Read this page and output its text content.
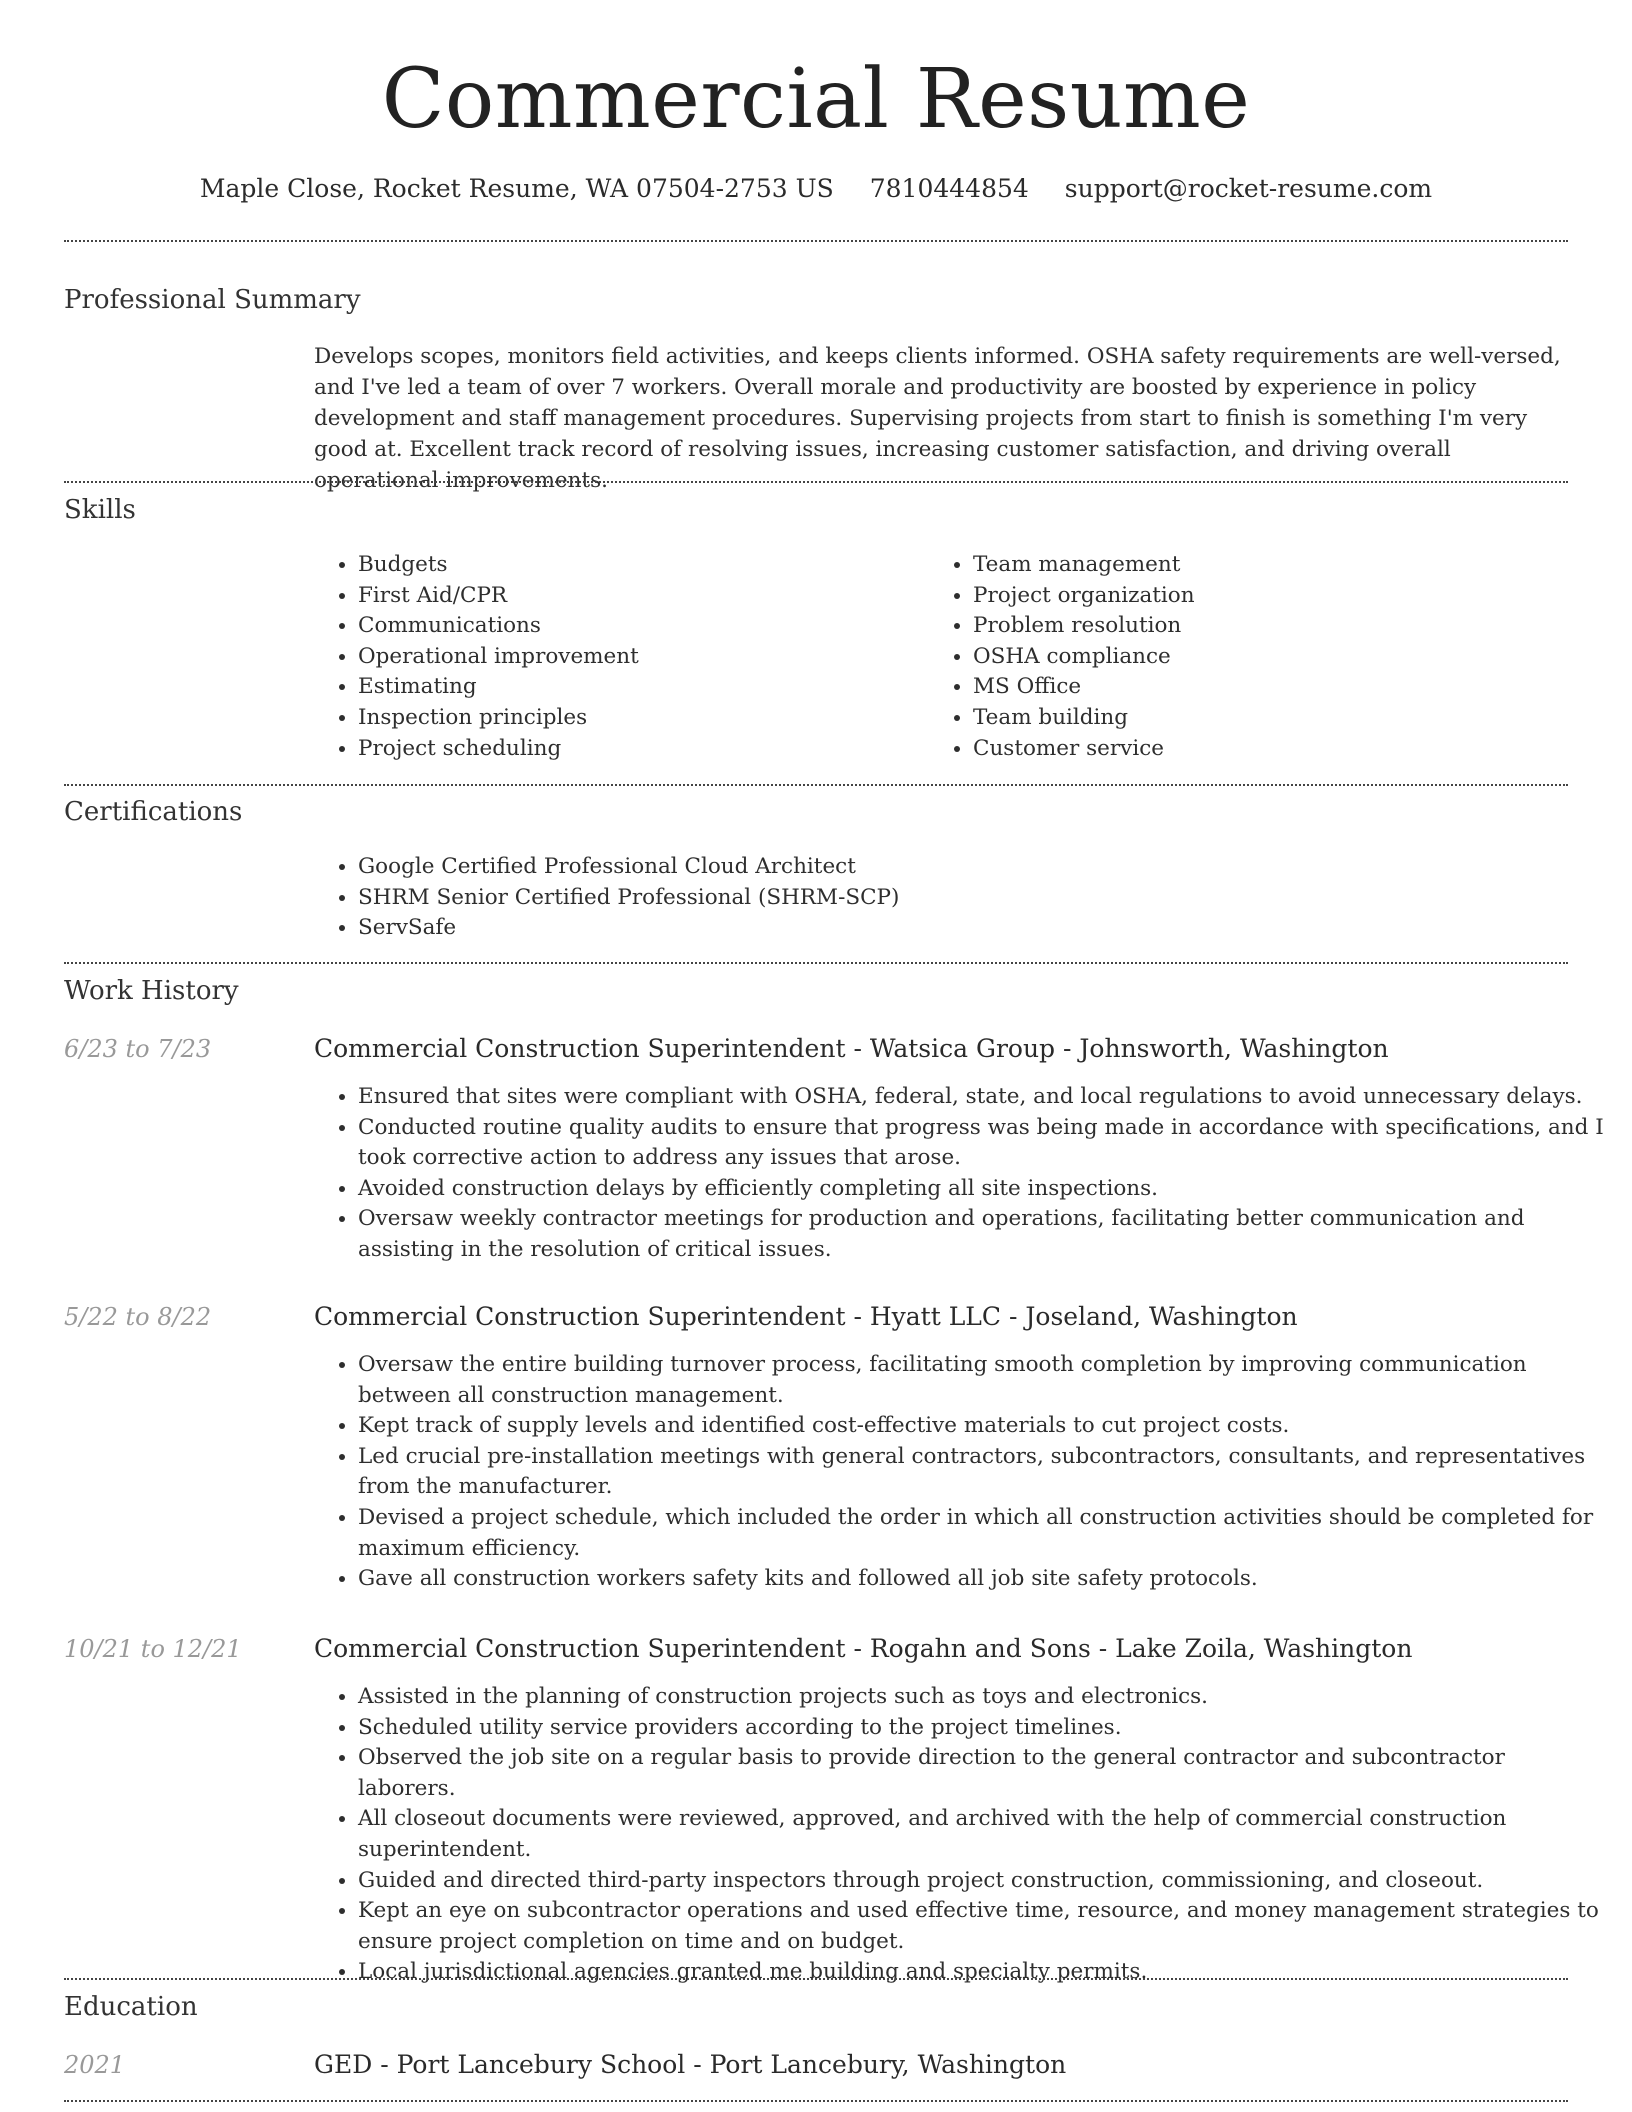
Commercial Resume
Maple Close, Rocket Resume, WA 07504-2753 US 7810444854 support@rocket-resume.com
Professional Summary
Develops scopes, monitors field activities, and keeps clients informed. OSHA safety requirements are well-versed, and I've led a team of over 7 workers. Overall morale and productivity are boosted by experience in policy development and staff management procedures. Supervising projects from start to finish is something I'm very good at. Excellent track record of resolving issues, increasing customer satisfaction, and driving overall operational improvements.
Skills
• Budgets
• First Aid/CPR
• Communications
• Operational improvement
• Estimating
• Inspection principles
• Project scheduling
• Team management
• Project organization
• Problem resolution
• OSHA compliance
• MS Office
• Team building
• Customer service
Certifications
• Google Certified Professional Cloud Architect
• SHRM Senior Certified Professional (SHRM-SCP)
• ServSafe
Work History
6/23 to 7/23	Commercial Construction Superintendent - Watsica Group - Johnsworth, Washington
• Ensured that sites were compliant with OSHA, federal, state, and local regulations to avoid unnecessary delays.
• Conducted routine quality audits to ensure that progress was being made in accordance with specifications, and I took corrective action to address any issues that arose.
• Avoided construction delays by efficiently completing all site inspections.
• Oversaw weekly contractor meetings for production and operations, facilitating better communication and assisting in the resolution of critical issues.
5/22 to 8/22	Commercial Construction Superintendent - Hyatt LLC - Joseland, Washington
• Oversaw the entire building turnover process, facilitating smooth completion by improving communication between all construction management.
• Kept track of supply levels and identified cost-effective materials to cut project costs.
• Led crucial pre-installation meetings with general contractors, subcontractors, consultants, and representatives from the manufacturer.
• Devised a project schedule, which included the order in which all construction activities should be completed for maximum efficiency.
• Gave all construction workers safety kits and followed all job site safety protocols.
10/21 to 12/21	Commercial Construction Superintendent - Rogahn and Sons - Lake Zoila, Washington
• Assisted in the planning of construction projects such as toys and electronics.
• Scheduled utility service providers according to the project timelines.
• Observed the job site on a regular basis to provide direction to the general contractor and subcontractor laborers.
• All closeout documents were reviewed, approved, and archived with the help of commercial construction superintendent.
• Guided and directed third-party inspectors through project construction, commissioning, and closeout.
• Kept an eye on subcontractor operations and used effective time, resource, and money management strategies to ensure project completion on time and on budget.
• Local jurisdictional agencies granted me building and specialty permits.
Education
2021	GED - Port Lancebury School - Port Lancebury, Washington
